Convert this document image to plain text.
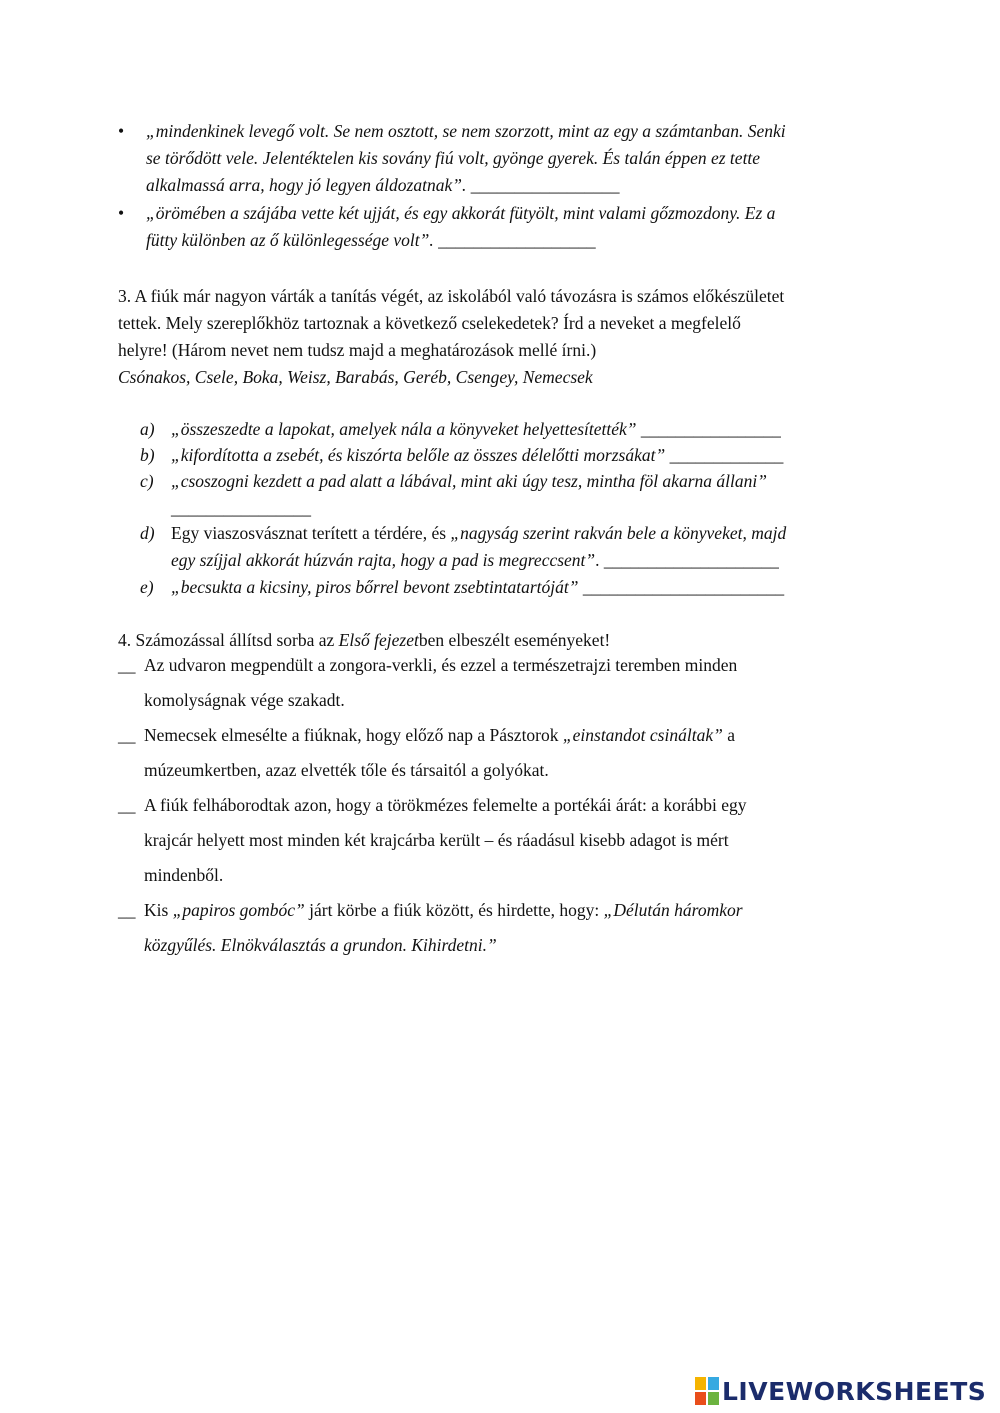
• „mindenkinek levegő volt. Se nem osztott, se nem szorzott, mint az egy a számtanban. Senki

se törődött vele. Jelentéktelen kis sovány fiú volt, gyönge gyerek. És talán éppen ez tette

alkalmassá arra, hogy jó legyen áldozatnak”. _________________

• „örömében a szájába vette két ujját, és egy akkorát fütyölt, mint valami gőzmozdony. Ez a

fütty különben az ő különlegessége volt”. __________________

3. A fiúk már nagyon várták a tanítás végét, az iskolából való távozásra is számos előkészületet

tettek. Mely szereplőkhöz tartoznak a következő cselekedetek? Írd a neveket a megfelelő

helyre! (Három nevet nem tudsz majd a meghatározások mellé írni.)

Csónakos, Csele, Boka, Weisz, Barabás, Geréb, Csengey, Nemecsek

a) „összeszedte a lapokat, amelyek nála a könyveket helyettesítették” ________________
b) „kifordította a zsebét, és kiszórta belőle az összes délelőtti morzsákat” _____________
c) „csoszogni kezdett a pad alatt a lábával, mint aki úgy tesz, mintha föl akarna állani”

________________

d) Egy viaszosvásznat terített a térdére, és „nagyság szerint rakván bele a könyveket, majd

egy szíjjal akkorát húzván rajta, hogy a pad is megreccsent”. ____________________

e) „becsukta a kicsiny, piros bőrrel bevont zsebtintatartóját” _______________________
4. Számozással állítsd sorba az Első fejezetben elbeszélt eseményeket!
__ Az udvaron megpendült a zongora-verkli, és ezzel a természetrajzi teremben minden

komolyságnak vége szakadt.

__ Nemecsek elmesélte a fiúknak, hogy előző nap a Pásztorok „einstandot csináltak” a

múzeumkertben, azaz elvették tőle és társaitól a golyókat.

__ A fiúk felháborodtak azon, hogy a törökmézes felemelte a portékái árát: a korábbi egy

krajcár helyett most minden két krajcárba került – és ráadásul kisebb adagot is mért

mindenből.

__ Kis „papiros gombóc” járt körbe a fiúk között, és hirdette, hogy: „Délután háromkor

közgyűlés. Elnökválasztás a grundon. Kihirdetni.”

LIVEWORKSHEETS
